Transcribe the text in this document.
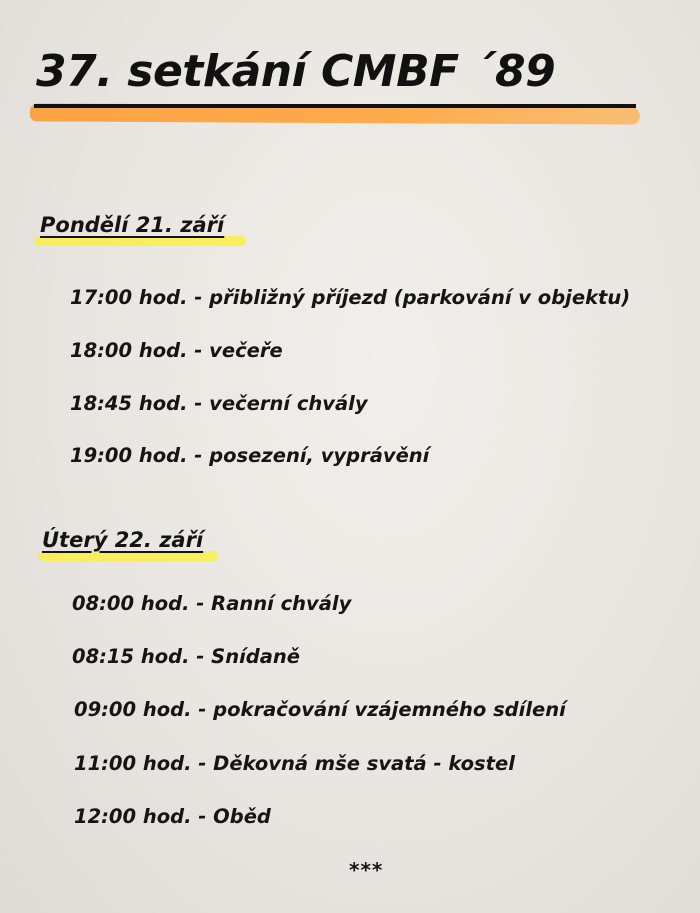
37. setkání CMBF ´89
Pondělí 21. září
17:00 hod. - přibližný příjezd (parkování v objektu)
18:00 hod. - večeře
18:45 hod. - večerní chvály
19:00 hod. - posezení, vyprávění
Úterý 22. září
08:00 hod. - Ranní chvály
08:15 hod. - Snídaně
09:00 hod. - pokračování vzájemného sdílení
11:00 hod. - Děkovná mše svatá - kostel
12:00 hod. - Oběd

***
